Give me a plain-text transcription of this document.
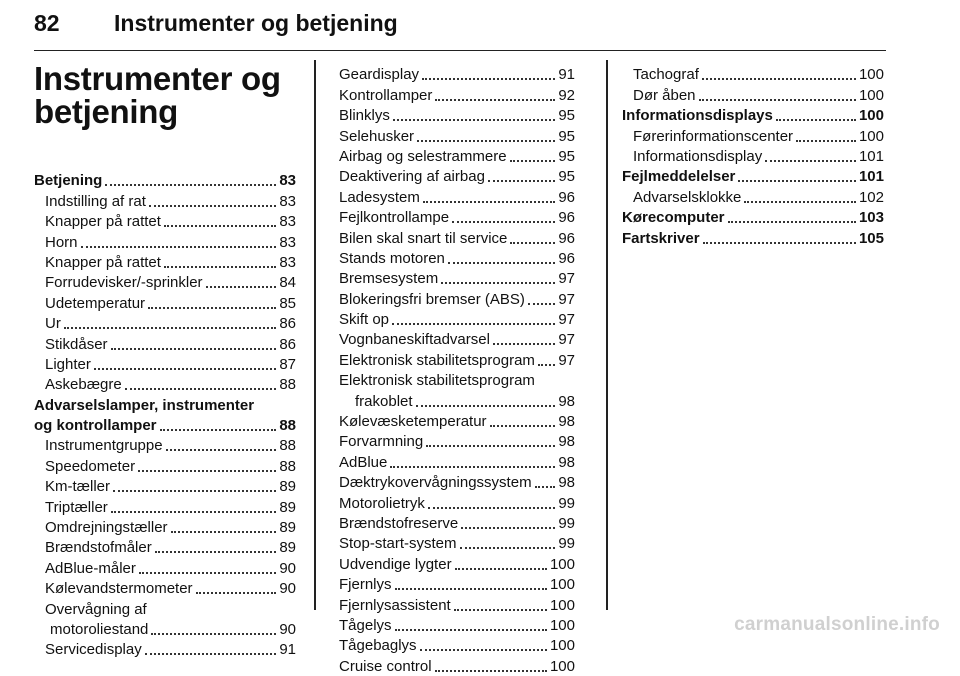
82 Instrumenter og betjening
Instrumenter og
betjening
Betjening	83
Indstilling af rat	83
Knapper på rattet	83
Horn	83
Knapper på rattet	83
Forrudevisker/-sprinkler	84
Udetemperatur	85
Ur	86
Stikdåser	86
Lighter	87
Askebægre	88
Advarselslamper, instrumenter
og kontrollamper	88
Instrumentgruppe	88
Speedometer	88
Km-tæller	89
Triptæller	89
Omdrejningstæller	89
Brændstofmåler	89
AdBlue-måler	90
Kølevandstermometer	90
Overvågning af
motoroliestand	90
Servicedisplay	91
Geardisplay	91
Kontrollamper	92
Blinklys	95
Selehusker	95
Airbag og selestrammere	95
Deaktivering af airbag	95
Ladesystem	96
Fejlkontrollampe	96
Bilen skal snart til service	96
Stands motoren	96
Bremsesystem	97
Blokeringsfri bremser (ABS) 97
Skift op	97
Vognbaneskiftadvarsel	97
Elektronisk stabilitetsprogram 97
Elektronisk stabilitetsprogram
frakoblet	98
Kølevæsketemperatur	98
Forvarmning	98
AdBlue	98
Dæktrykovervågningssystem 98
Motorolietryk	99
Brændstofreserve	99
Stop-start-system	99
Udvendige lygter	100
Fjernlys	100
Fjernlysassistent	100
Tågelys	100
Tågebaglys	100
Cruise control	100
Tachograf	100
Dør åben	100
Informationsdisplays	100
Førerinformationscenter	100
Informationsdisplay	101
Fejlmeddelelser	101
Advarselsklokke	102
Kørecomputer	103
Fartskriver	105
carmanualsonline.info
